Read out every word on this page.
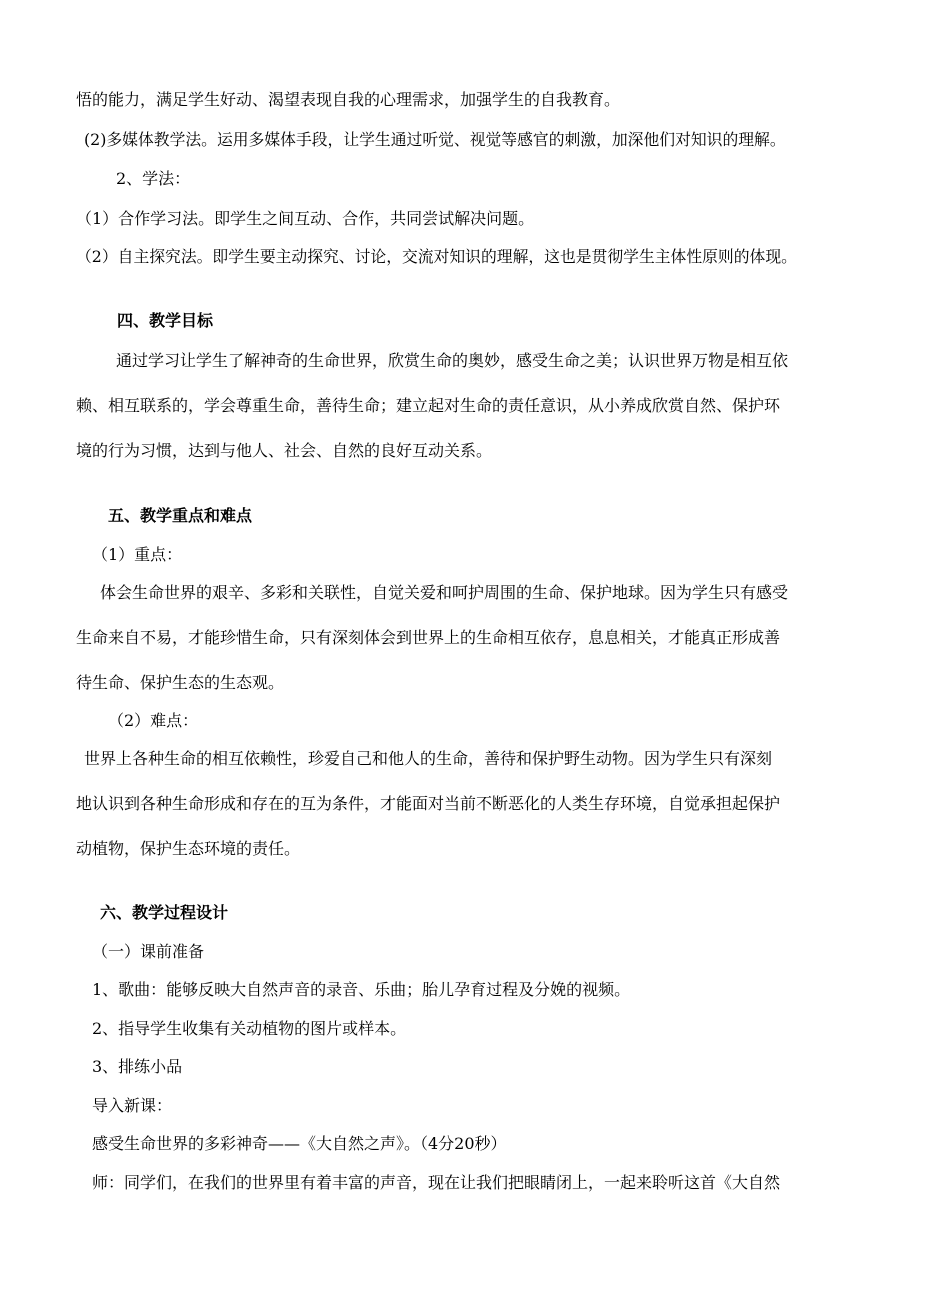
悟的能力，满足学生好动、渴望表现自我的心理需求，加强学生的自我教育。
(2)多媒体教学法。运用多媒体手段，让学生通过听觉、视觉等感官的刺激，加深他们对知识的理解。
2、学法：
（1）合作学习法。即学生之间互动、合作，共同尝试解决问题。
（2）自主探究法。即学生要主动探究、讨论，交流对知识的理解，这也是贯彻学生主体性原则的体现。
四、教学目标
通过学习让学生了解神奇的生命世界，欣赏生命的奥妙，感受生命之美；认识世界万物是相互依
赖、相互联系的，学会尊重生命，善待生命；建立起对生命的责任意识，从小养成欣赏自然、保护环
境的行为习惯，达到与他人、社会、自然的良好互动关系。
五、教学重点和难点
（1）重点：
体会生命世界的艰辛、多彩和关联性，自觉关爱和呵护周围的生命、保护地球。因为学生只有感受
生命来自不易，才能珍惜生命，只有深刻体会到世界上的生命相互依存，息息相关，才能真正形成善
待生命、保护生态的生态观。
（2）难点：
世界上各种生命的相互依赖性，珍爱自己和他人的生命，善待和保护野生动物。因为学生只有深刻
地认识到各种生命形成和存在的互为条件，才能面对当前不断恶化的人类生存环境，自觉承担起保护
动植物，保护生态环境的责任。
六、教学过程设计
（一）课前准备
1、歌曲：能够反映大自然声音的录音、乐曲；胎儿孕育过程及分娩的视频。
2、指导学生收集有关动植物的图片或样本。
3、排练小品
导入新课：
感受生命世界的多彩神奇——《大自然之声》。（4分20秒）
师：同学们，在我们的世界里有着丰富的声音，现在让我们把眼睛闭上，一起来聆听这首《大自然
